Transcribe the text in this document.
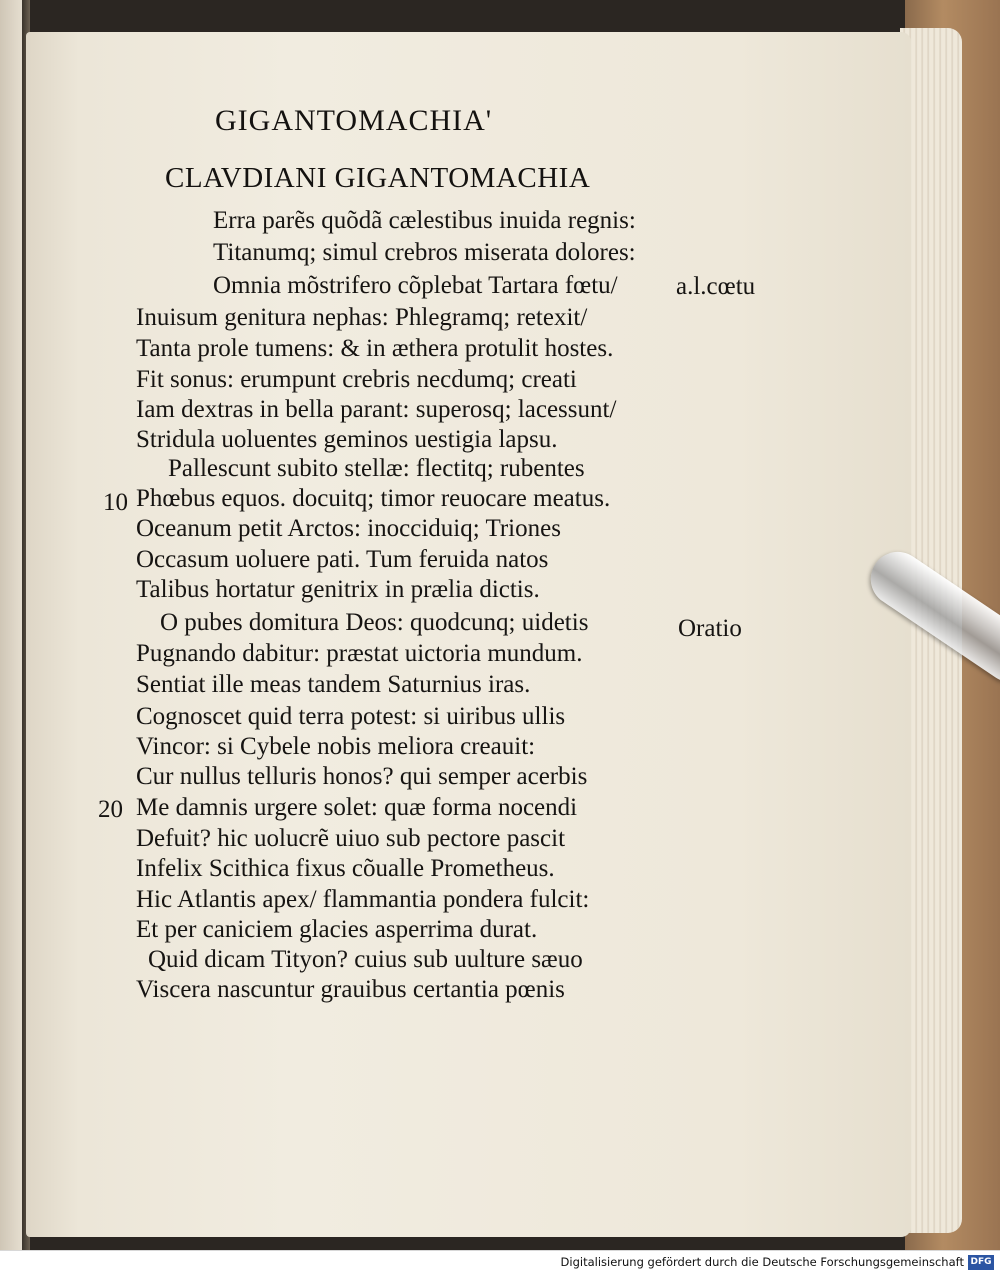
GIGANTOMACHIA'
CLAVDIANI GIGANTOMACHIA
Erra parẽs quõdã cælestibus inuida regnis:
Titanumq; simul crebros miserata dolores:
Omnia mõstrifero cõplebat Tartara fœtu/
Inuisum genitura nephas: Phlegramq; retexit/
Tanta prole tumens: & in æthera protulit hostes.
Fit sonus: erumpunt crebris necdumq; creati
Iam dextras in bella parant: superosq; lacessunt/
Stridula uoluentes geminos uestigia lapsu.
Pallescunt subito stellæ: flectitq; rubentes
Phœbus equos. docuitq; timor reuocare meatus.
Oceanum petit Arctos: inocciduiq; Triones
Occasum uoluere pati. Tum feruida natos
Talibus hortatur genitrix in prælia dictis.
O pubes domitura Deos: quodcunq; uidetis
Pugnando dabitur: præstat uictoria mundum.
Sentiat ille meas tandem Saturnius iras.
Cognoscet quid terra potest: si uiribus ullis
Vincor: si Cybele nobis meliora creauit:
Cur nullus telluris honos? qui semper acerbis
Me damnis urgere solet: quæ forma nocendi
Defuit? hic uolucrẽ uiuo sub pectore pascit
Infelix Scithica fixus cõualle Prometheus.
Hic Atlantis apex/ flammantia pondera fulcit:
Et per caniciem glacies asperrima durat.
Quid dicam Tityon? cuius sub uulture sæuo
Viscera nascuntur grauibus certantia pœnis
10
20
a.l.cœtu
Oratio
Digitalisierung gefördert durch die Deutsche Forschungsgemeinschaft DFG
